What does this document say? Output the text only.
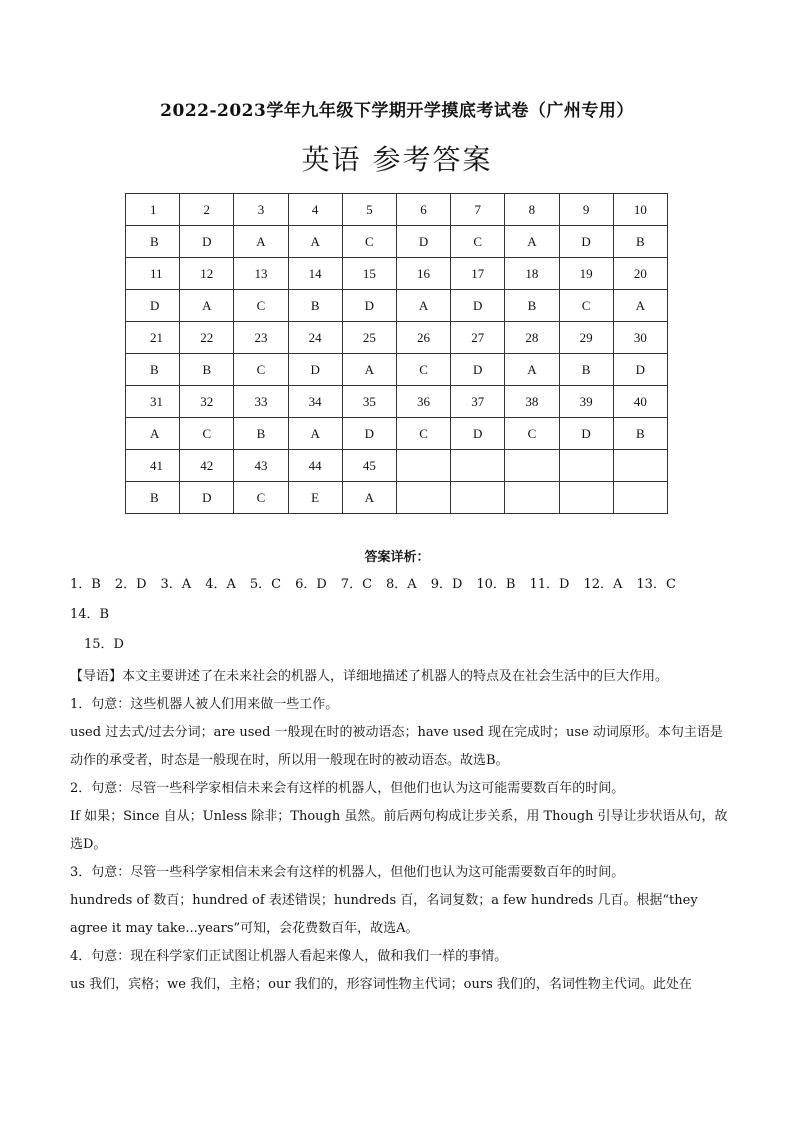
2022-2023学年九年级下学期开学摸底考试卷（广州专用）
英语 参考答案
1	2	3	4	5	6	7	8	9	10
B	D	A	A	C	D	C	A	D	B
11	12	13	14	15	16	17	18	19	20
D	A	C	B	D	A	D	B	C	A
21	22	23	24	25	26	27	28	29	30
B	B	C	D	A	C	D	A	B	D
31	32	33	34	35	36	37	38	39	40
A	C	B	A	D	C	D	C	D	B
41	42	43	44	45					
B	D	C	E	A					
答案详析：
1．B 2．D 3．A 4．A 5．C 6．D 7．C 8．A 9．D 10．B 11．D 12．A 13．C14．B
15．D

【导语】本文主要讲述了在未来社会的机器人，详细地描述了机器人的特点及在社会生活中的巨大作用。

1．句意：这些机器人被人们用来做一些工作。

used 过去式/过去分词；are used 一般现在时的被动语态；have used 现在完成时；use 动词原形。本句主语是动作的承受者，时态是一般现在时，所以用一般现在时的被动语态。故选B。

2．句意：尽管一些科学家相信未来会有这样的机器人，但他们也认为这可能需要数百年的时间。

If 如果；Since 自从；Unless 除非；Though 虽然。前后两句构成让步关系，用 Though 引导让步状语从句，故选D。

3．句意：尽管一些科学家相信未来会有这样的机器人，但他们也认为这可能需要数百年的时间。

hundreds of 数百；hundred of 表述错误；hundreds 百，名词复数；a few hundreds 几百。根据“they agree it may take...years”可知，会花费数百年，故选A。

4．句意：现在科学家们正试图让机器人看起来像人，做和我们一样的事情。

us 我们，宾格；we 我们，主格；our 我们的，形容词性物主代词；ours 我们的，名词性物主代词。此处在
